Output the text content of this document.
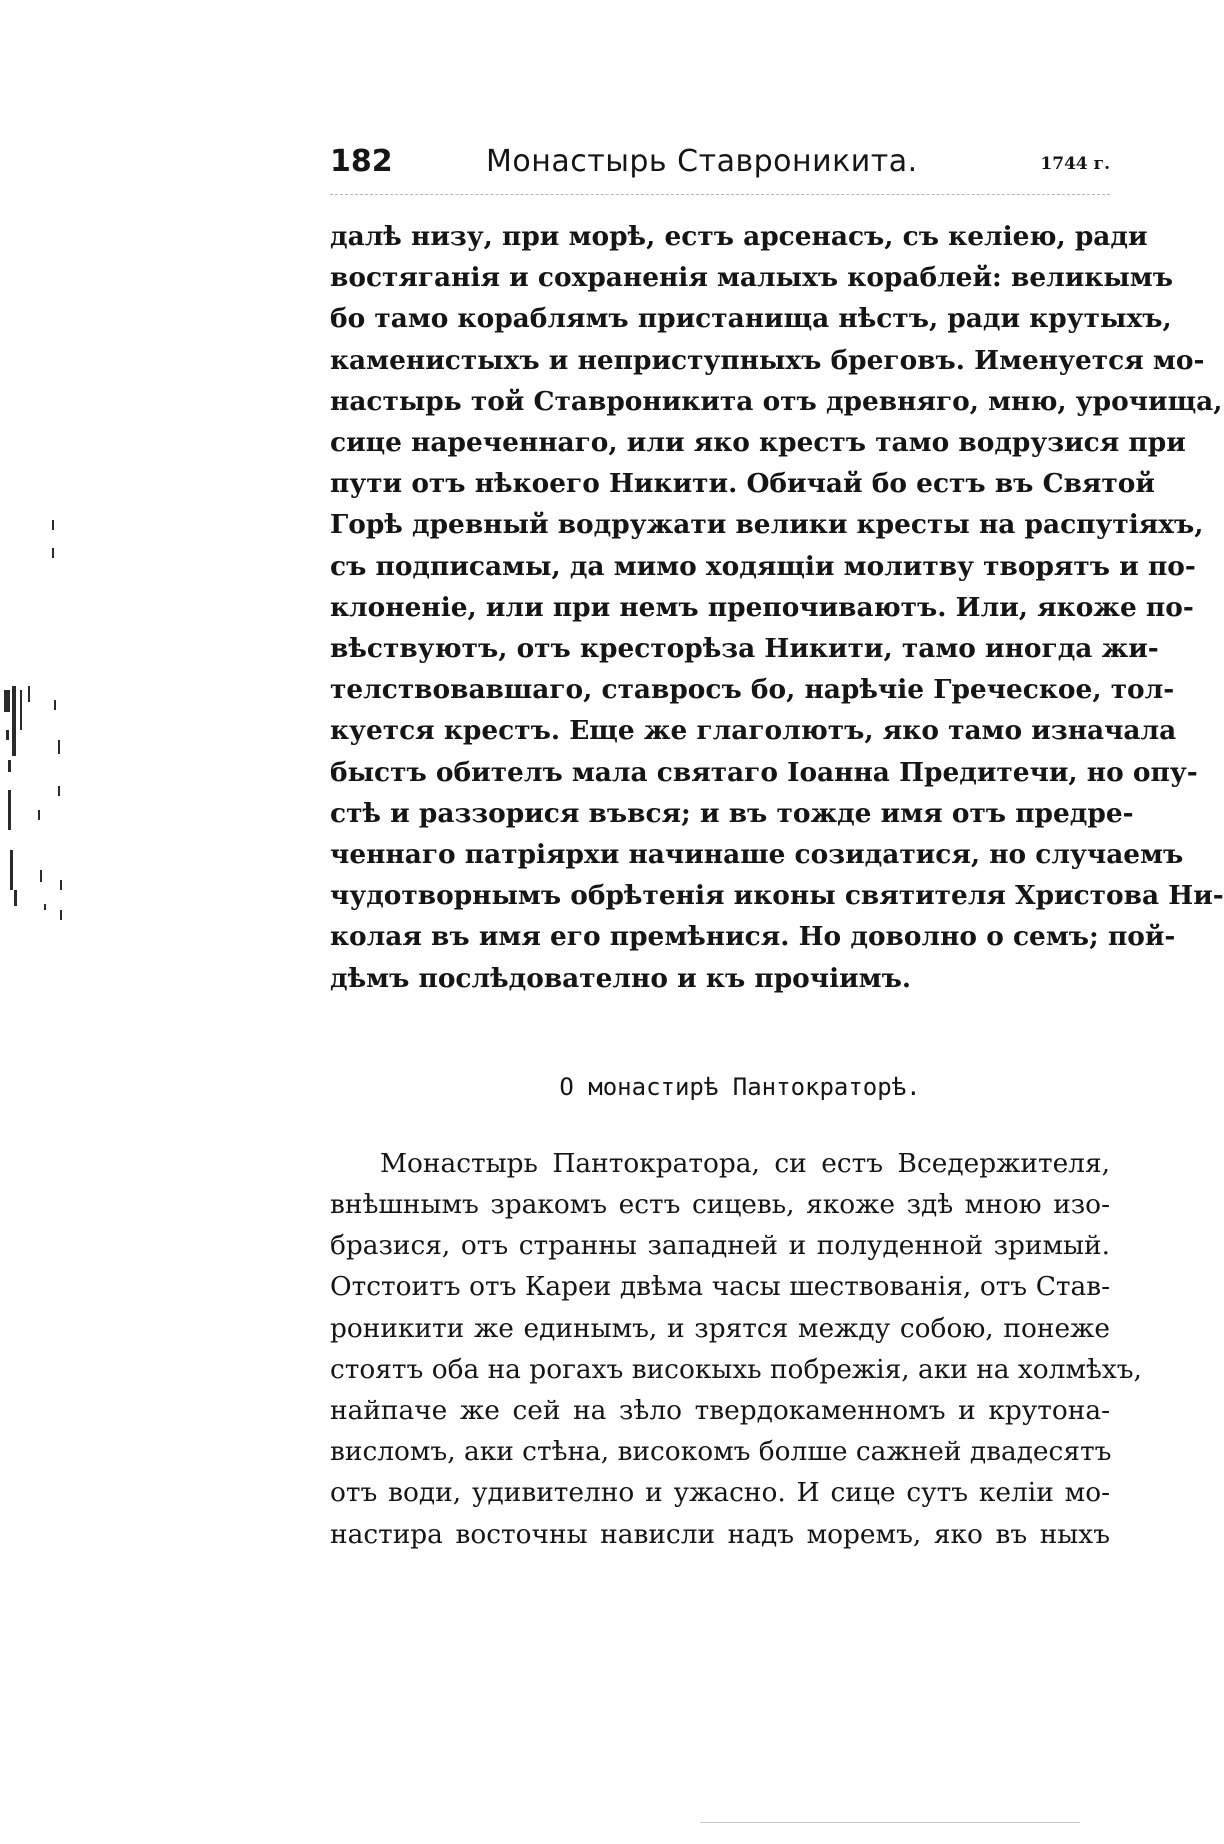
182	Монастырь Ставроникита.	1744 г.
далѣ низу, при морѣ, естъ арсенасъ, съ келіею, ради
востяганія и сохраненія малыхъ кораблей: великымъ
бо тамо кораблямъ пристанища нѣстъ, ради крутыхъ,
каменистыхъ и неприступныхъ бреговъ. Именуется мо-
настырь той Ставроникита отъ древняго, мню, урочища,
сице нареченнаго, или яко крестъ тамо водрузися при
пути отъ нѣкоего Никити. Обичай бо естъ въ Святой
Горѣ древный водружати велики кресты на распутіяхъ,
съ подписамы, да мимо ходящіи молитву творятъ и по-
клоненіе, или при немъ препочиваютъ. Или, якоже по-
вѣствуютъ, отъ кресторѣза Никити, тамо иногда жи-
телствовавшаго, ставросъ бо, нарѣчіе Греческое, тол-
куется крестъ. Еще же глаголютъ, яко тамо изначала
быстъ обителъ мала святаго Іоанна Предитечи, но опу-
стѣ и раззорися въвся; и въ тожде имя отъ предре-
ченнаго патріярхи начинаше созидатися, но случаемъ
чудотворнымъ обрѣтенія иконы святителя Христова Ни-
колая въ имя его премѣнися. Но доволно о семъ; пой-
дѣмъ послѣдователно и къ прочіимъ.
О монастирѣ Пантократорѣ.
Монастырь Пантократора, си естъ Вседержителя,
внѣшнымъ зракомъ естъ сицевь, якоже здѣ мною изо-
бразися, отъ странны западней и полуденной зримый.
Отстоитъ отъ Кареи двѣма часы шествованія, отъ Став-
роникити же единымъ, и зрятся между собою, понеже
стоятъ оба на рогахъ високыхь побрежія, аки на холмѣхъ,
найпаче же сей на зѣло твердокаменномъ и крутона-
висломъ, аки стѣна, високомъ болше сажней двадесятъ
отъ води, удивително и ужасно. И сице сутъ келіи мо-
настира восточны нависли надъ моремъ, яко въ ныхъ
